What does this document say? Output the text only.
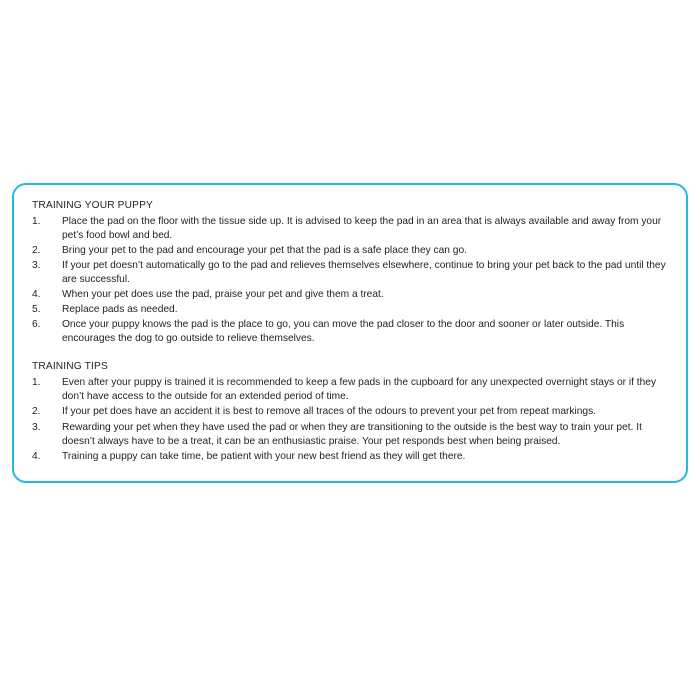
TRAINING YOUR PUPPY

1.	Place the pad on the floor with the tissue side up. It is advised to keep the pad in an area that is always available and away from your pet’s food bowl and bed.
2.	Bring your pet to the pad and encourage your pet that the pad is a safe place they can go.
3.	If your pet doesn’t automatically go to the pad and relieves themselves elsewhere, continue to bring your pet back to the pad until they are successful.
4.	When your pet does use the pad, praise your pet and give them a treat.
5.	Replace pads as needed.
6.	Once your puppy knows the pad is the place to go, you can move the pad closer to the door and sooner or later outside. This encourages the dog to go outside to relieve themselves.

TRAINING TIPS

1.	Even after your puppy is trained it is recommended to keep a few pads in the cupboard for any unexpected overnight stays or if they don’t have access to the outside for an extended period of time.
2.	If your pet does have an accident it is best to remove all traces of the odours to prevent your pet from repeat markings.
3.	Rewarding your pet when they have used the pad or when they are transitioning to the outside is the best way to train your pet. It doesn’t always have to be a treat, it can be an enthusiastic praise. Your pet responds best when being praised.
4.	Training a puppy can take time, be patient with your new best friend as they will get there.
